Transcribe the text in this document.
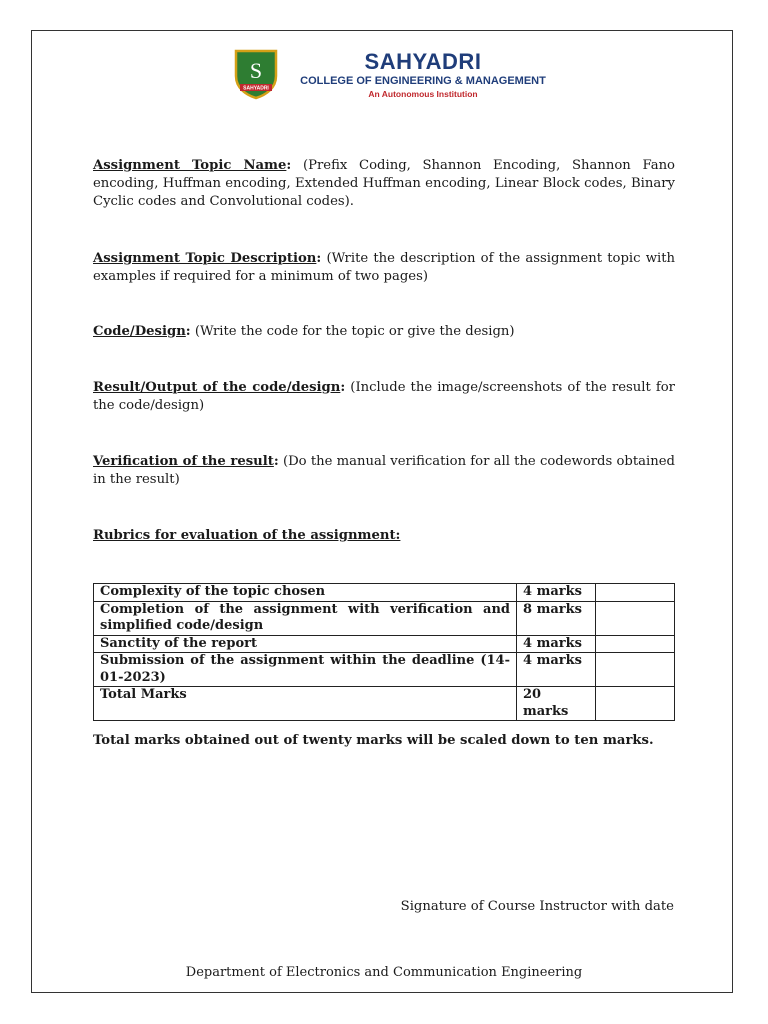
S
SAHYADRI
SAHYADRI
COLLEGE OF ENGINEERING & MANAGEMENT
An Autonomous Institution
Assignment Topic Name: (Prefix Coding, Shannon Encoding, Shannon Fano encoding, Huffman encoding, Extended Huffman encoding, Linear Block codes, Binary Cyclic codes and Convolutional codes).
Assignment Topic Description: (Write the description of the assignment topic with examples if required for a minimum of two pages)
Code/Design: (Write the code for the topic or give the design)
Result/Output of the code/design: (Include the image/screenshots of the result for the code/design)
Verification of the result: (Do the manual verification for all the codewords obtained in the result)
Rubrics for evaluation of the assignment:
Complexity of the topic chosen	4 marks	
Completion of the assignment with verification and simplified code/design	8 marks	
Sanctity of the report	4 marks	
Submission of the assignment within the deadline (14-01-2023)	4 marks	
Total Marks	20 marks	
Total marks obtained out of twenty marks will be scaled down to ten marks.
Signature of Course Instructor with date
Department of Electronics and Communication Engineering
